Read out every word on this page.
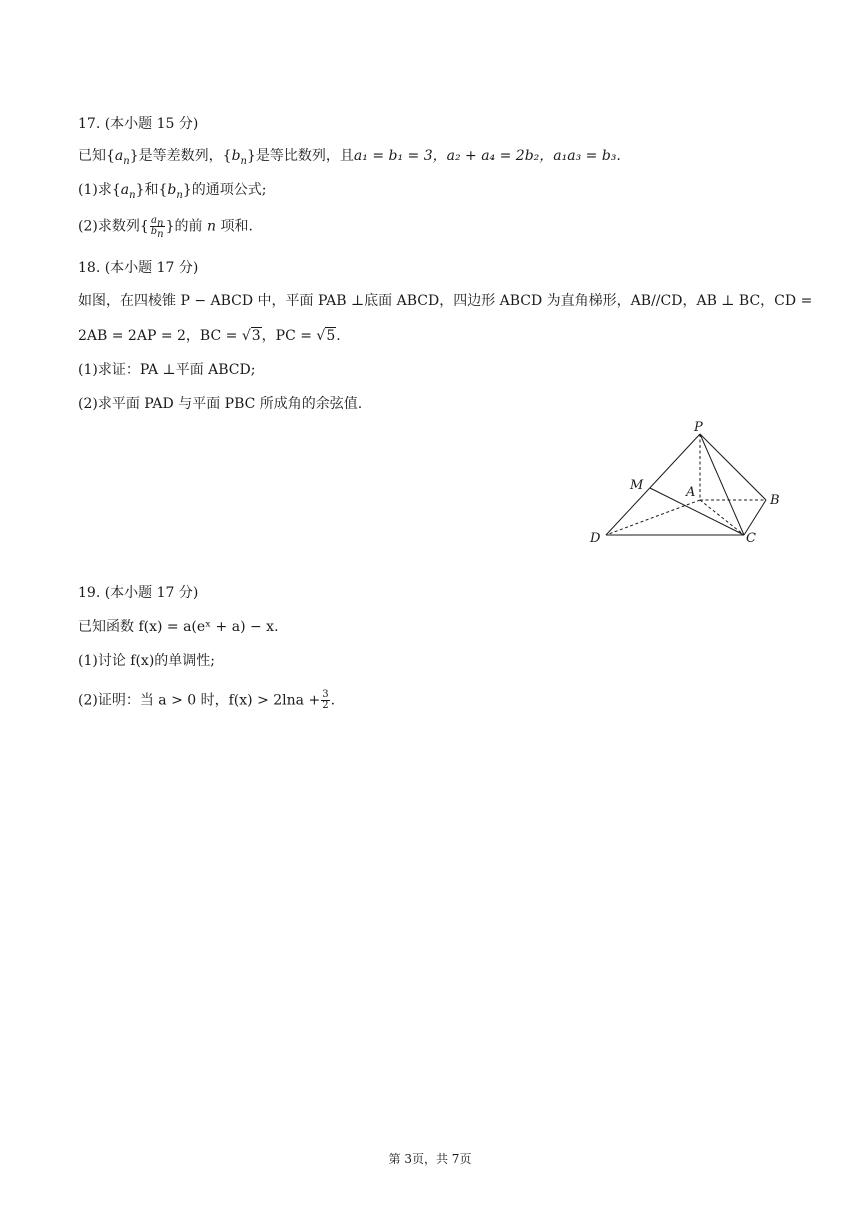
17. (本小题 15 分)
已知$\{a_n\}$是等差数列，$\{b_n\}$是等比数列，且a₁ = b₁ = 3，a₂ + a₄ = 2b₂，a₁a₃ = b₃.
(1)求$\{a_n\}$和$\{b_n\}$的通项公式;
(2)求数列{ $\frac{a_n}{b_n}$ }的前 n 项和.
18. (本小题 17 分)
如图，在四棱锥 P − ABCD 中，平面 PAB ⊥底面 ABCD，四边形 ABCD 为直角梯形，AB//CD，AB ⊥ BC，CD =
2AB = 2AP = 2，BC = √3，PC = √5.
(1)求证：PA ⊥平面 ABCD;
(2)求平面 PAD 与平面 PBC 所成角的余弦值.
P
M	A
B
C
D
19. (本小题 17 分)
已知函数 f(x) = a(eˣ + a) − x.
(1)讨论 f(x)的单调性;
(2)证明：当 a > 0 时，$f(x) > 2\ln a + \frac{3}{2}$ .
第 3页，共 7页
